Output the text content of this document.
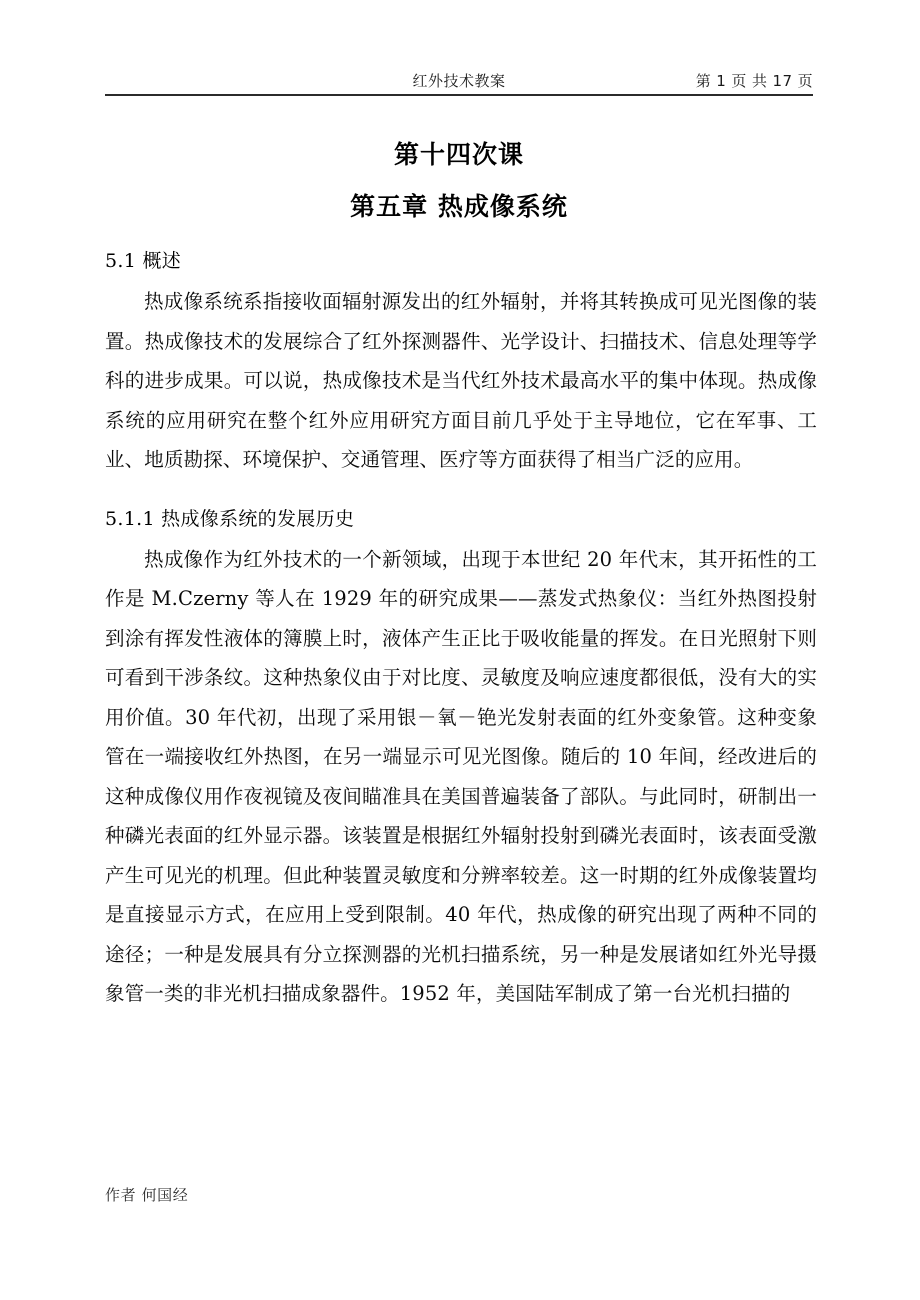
红外技术教案	第 1 页 共 17 页
第十四次课
第五章 热成像系统
5.1 概述
热成像系统系指接收面辐射源发出的红外辐射，并将其转换成可见光图像的装置。热成像技术的发展综合了红外探测器件、光学设计、扫描技术、信息处理等学科的进步成果。可以说，热成像技术是当代红外技术最高水平的集中体现。热成像系统的应用研究在整个红外应用研究方面目前几乎处于主导地位，它在军事、工业、地质勘探、环境保护、交通管理、医疗等方面获得了相当广泛的应用。
5.1.1 热成像系统的发展历史
热成像作为红外技术的一个新领域，出现于本世纪 20 年代末，其开拓性的工作是 M.Czerny 等人在 1929 年的研究成果——蒸发式热象仪：当红外热图投射到涂有挥发性液体的簿膜上时，液体产生正比于吸收能量的挥发。在日光照射下则可看到干涉条纹。这种热象仪由于对比度、灵敏度及响应速度都很低，没有大的实用价值。30 年代初，出现了采用银－氧－铯光发射表面的红外变象管。这种变象管在一端接收红外热图，在另一端显示可见光图像。随后的 10 年间，经改进后的这种成像仪用作夜视镜及夜间瞄准具在美国普遍装备了部队。与此同时，研制出一种磷光表面的红外显示器。该装置是根据红外辐射投射到磷光表面时，该表面受激产生可见光的机理。但此种装置灵敏度和分辨率较差。这一时期的红外成像装置均是直接显示方式，在应用上受到限制。40 年代，热成像的研究出现了两种不同的途径；一种是发展具有分立探测器的光机扫描系统，另一种是发展诸如红外光导摄象管一类的非光机扫描成象器件。1952 年，美国陆军制成了第一台光机扫描的
作者 何国经
